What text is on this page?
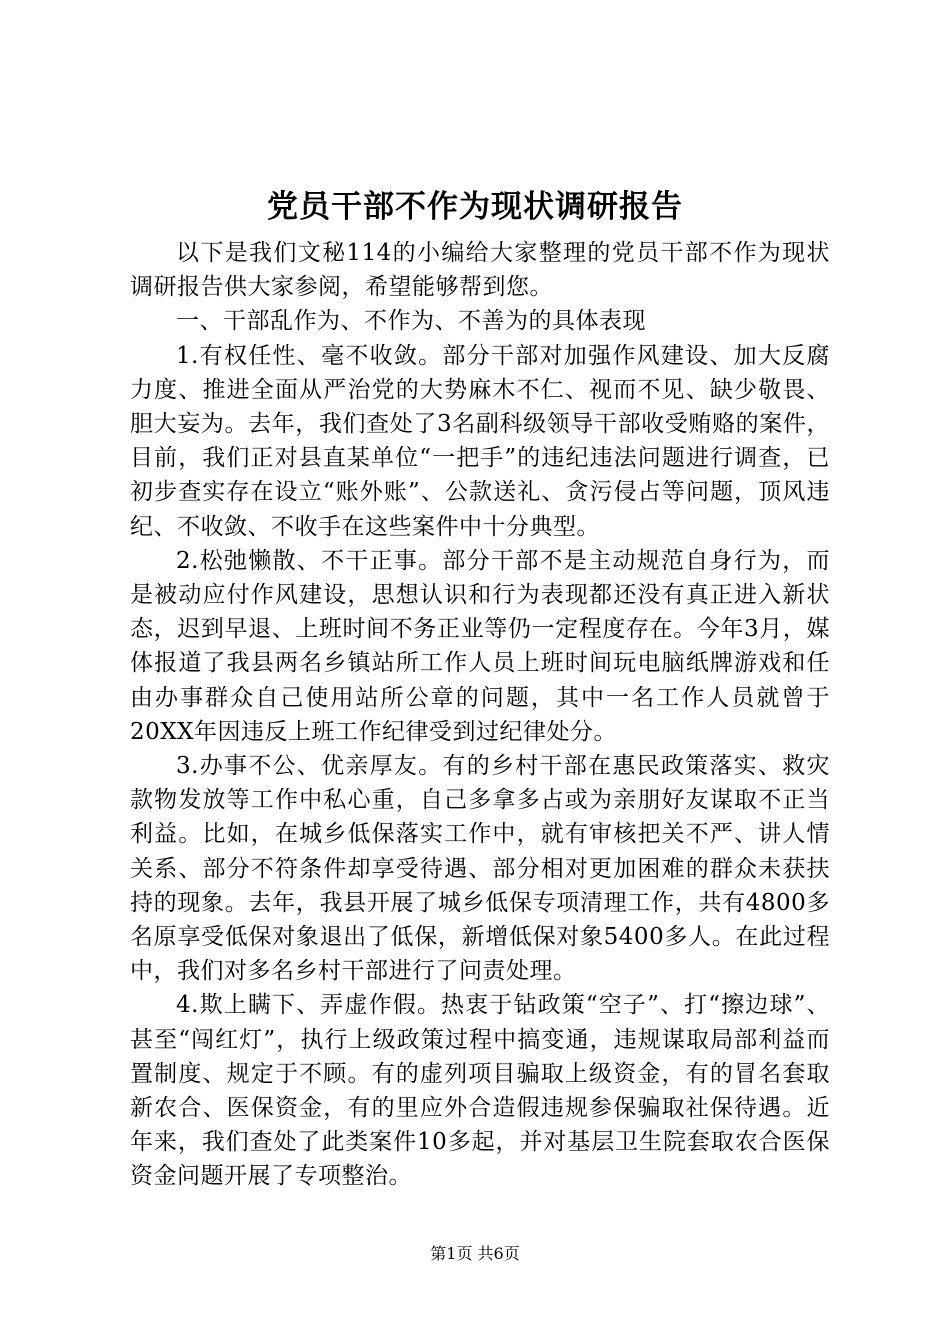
党员干部不作为现状调研报告

以下是我们文秘114的小编给大家整理的党员干部不作为现状调研报告供大家参阅，希望能够帮到您。

一、干部乱作为、不作为、不善为的具体表现

1.有权任性、毫不收敛。部分干部对加强作风建设、加大反腐力度、推进全面从严治党的大势麻木不仁、视而不见、缺少敬畏、胆大妄为。去年，我们查处了3名副科级领导干部收受贿赂的案件，目前，我们正对县直某单位“一把手”的违纪违法问题进行调查，已初步查实存在设立“账外账”、公款送礼、贪污侵占等问题，顶风违纪、不收敛、不收手在这些案件中十分典型。

2.松弛懒散、不干正事。部分干部不是主动规范自身行为，而是被动应付作风建设，思想认识和行为表现都还没有真正进入新状态，迟到早退、上班时间不务正业等仍一定程度存在。今年3月，媒体报道了我县两名乡镇站所工作人员上班时间玩电脑纸牌游戏和任由办事群众自己使用站所公章的问题，其中一名工作人员就曾于20XX年因违反上班工作纪律受到过纪律处分。

3.办事不公、优亲厚友。有的乡村干部在惠民政策落实、救灾款物发放等工作中私心重，自己多拿多占或为亲朋好友谋取不正当利益。比如，在城乡低保落实工作中，就有审核把关不严、讲人情关系、部分不符条件却享受待遇、部分相对更加困难的群众未获扶持的现象。去年，我县开展了城乡低保专项清理工作，共有4800多名原享受低保对象退出了低保，新增低保对象5400多人。在此过程中，我们对多名乡村干部进行了问责处理。

4.欺上瞒下、弄虚作假。热衷于钻政策“空子”、打“擦边球”、甚至“闯红灯”，执行上级政策过程中搞变通，违规谋取局部利益而置制度、规定于不顾。有的虚列项目骗取上级资金，有的冒名套取新农合、医保资金，有的里应外合造假违规参保骗取社保待遇。近年来，我们查处了此类案件10多起，并对基层卫生院套取农合医保资金问题开展了专项整治。

第1页 共6页
